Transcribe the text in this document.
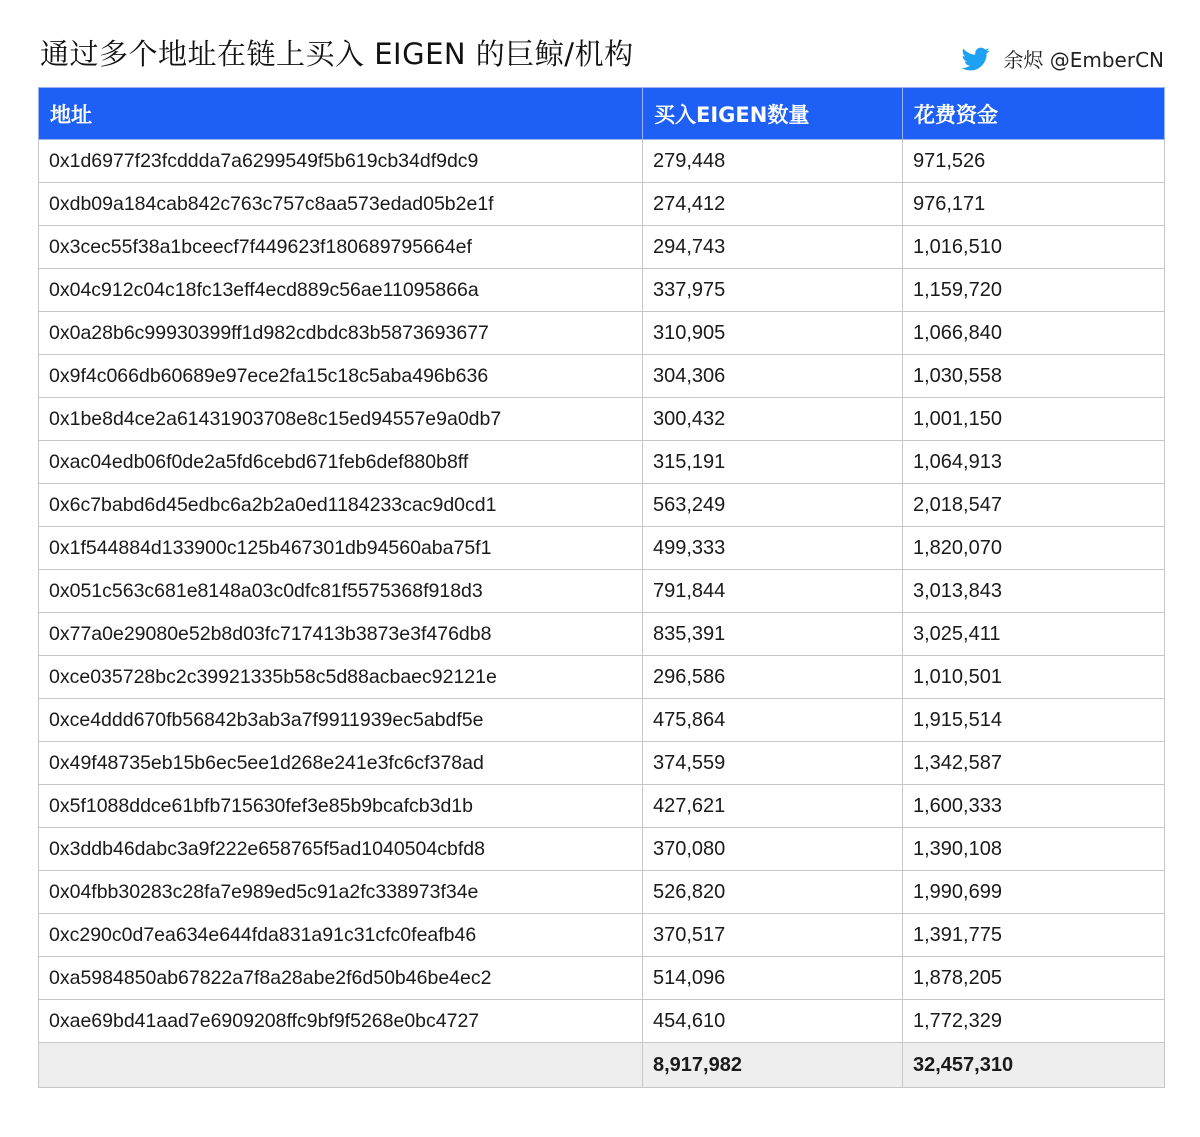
通过多个地址在链上买入 EIGEN 的巨鲸/机构	余烬 @EmberCN
地址	买入EIGEN数量	花费资金
0x1d6977f23fcddda7a6299549f5b619cb34df9dc9	279,448	971,526
0xdb09a184cab842c763c757c8aa573edad05b2e1f	274,412	976,171
0x3cec55f38a1bceecf7f449623f180689795664ef	294,743	1,016,510
0x04c912c04c18fc13eff4ecd889c56ae11095866a	337,975	1,159,720
0x0a28b6c99930399ff1d982cdbdc83b5873693677	310,905	1,066,840
0x9f4c066db60689e97ece2fa15c18c5aba496b636	304,306	1,030,558
0x1be8d4ce2a61431903708e8c15ed94557e9a0db7	300,432	1,001,150
0xac04edb06f0de2a5fd6cebd671feb6def880b8ff	315,191	1,064,913
0x6c7babd6d45edbc6a2b2a0ed1184233cac9d0cd1	563,249	2,018,547
0x1f544884d133900c125b467301db94560aba75f1	499,333	1,820,070
0x051c563c681e8148a03c0dfc81f5575368f918d3	791,844	3,013,843
0x77a0e29080e52b8d03fc717413b3873e3f476db8	835,391	3,025,411
0xce035728bc2c39921335b58c5d88acbaec92121e	296,586	1,010,501
0xce4ddd670fb56842b3ab3a7f9911939ec5abdf5e	475,864	1,915,514
0x49f48735eb15b6ec5ee1d268e241e3fc6cf378ad	374,559	1,342,587
0x5f1088ddce61bfb715630fef3e85b9bcafcb3d1b	427,621	1,600,333
0x3ddb46dabc3a9f222e658765f5ad1040504cbfd8	370,080	1,390,108
0x04fbb30283c28fa7e989ed5c91a2fc338973f34e	526,820	1,990,699
0xc290c0d7ea634e644fda831a91c31cfc0feafb46	370,517	1,391,775
0xa5984850ab67822a7f8a28abe2f6d50b46be4ec2	514,096	1,878,205
0xae69bd41aad7e6909208ffc9bf9f5268e0bc4727	454,610	1,772,329
	8,917,982	32,457,310
